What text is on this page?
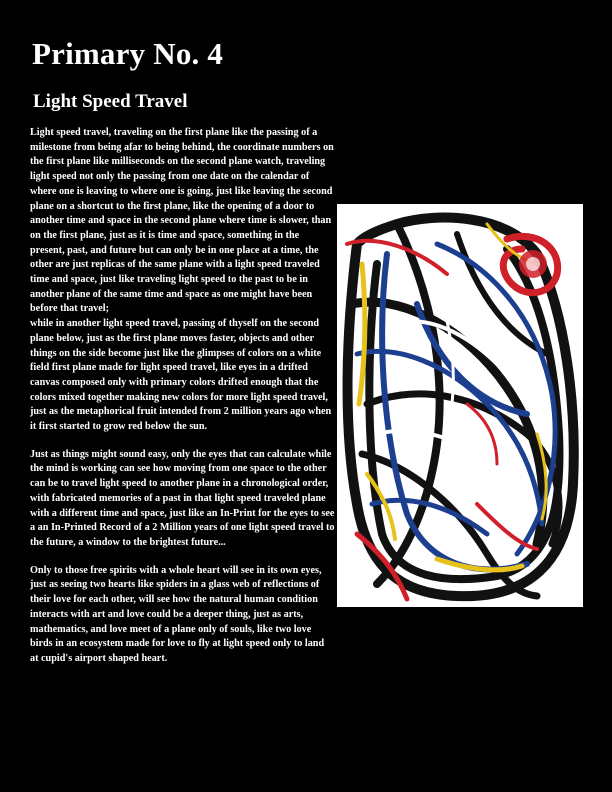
Primary No. 4
Light Speed Travel

Light speed travel, traveling on the first plane like the passing of a milestone from being afar to being behind, the coordinate numbers on the first plane like milliseconds on the second plane watch, traveling light speed not only the passing from one date on the calendar of where one is leaving to where one is going, just like leaving the second plane on a shortcut to the first plane, like the opening of a door to another time and space in the second plane where time is slower, than on the first plane, just as it is time and space, something in the present, past, and future but can only be in one place at a time, the other are just replicas of the same plane with a light speed traveled time and space, just like traveling light speed to the past to be in another plane of the same time and space as one might have been before that travel;

while in another light speed travel, passing of thyself on the second plane below, just as the first plane moves faster, objects and other things on the side become just like the glimpses of colors on a white field first plane made for light speed travel, like eyes in a drifted canvas composed only with primary colors drifted enough that the colors mixed together making new colors for more light speed travel, just as the metaphorical fruit intended from 2 million years ago when it first started to grow red below the sun.

Just as things might sound easy, only the eyes that can calculate while the mind is working can see how moving from one space to the other can be to travel light speed to another plane in a chronological order, with fabricated memories of a past in that light speed traveled plane with a different time and space, just like an In-Print for the eyes to see a an In-Printed Record of a 2 Million years of one light speed travel to the future, a window to the brightest future...

Only to those free spirits with a whole heart will see in its own eyes, just as seeing two hearts like spiders in a glass web of reflections of their love for each other, will see how the natural human condition interacts with art and love could be a deeper thing, just as arts, mathematics, and love meet of a plane only of souls, like two love birds in an ecosystem made for love to fly at light speed only to land at cupid's airport shaped heart.
